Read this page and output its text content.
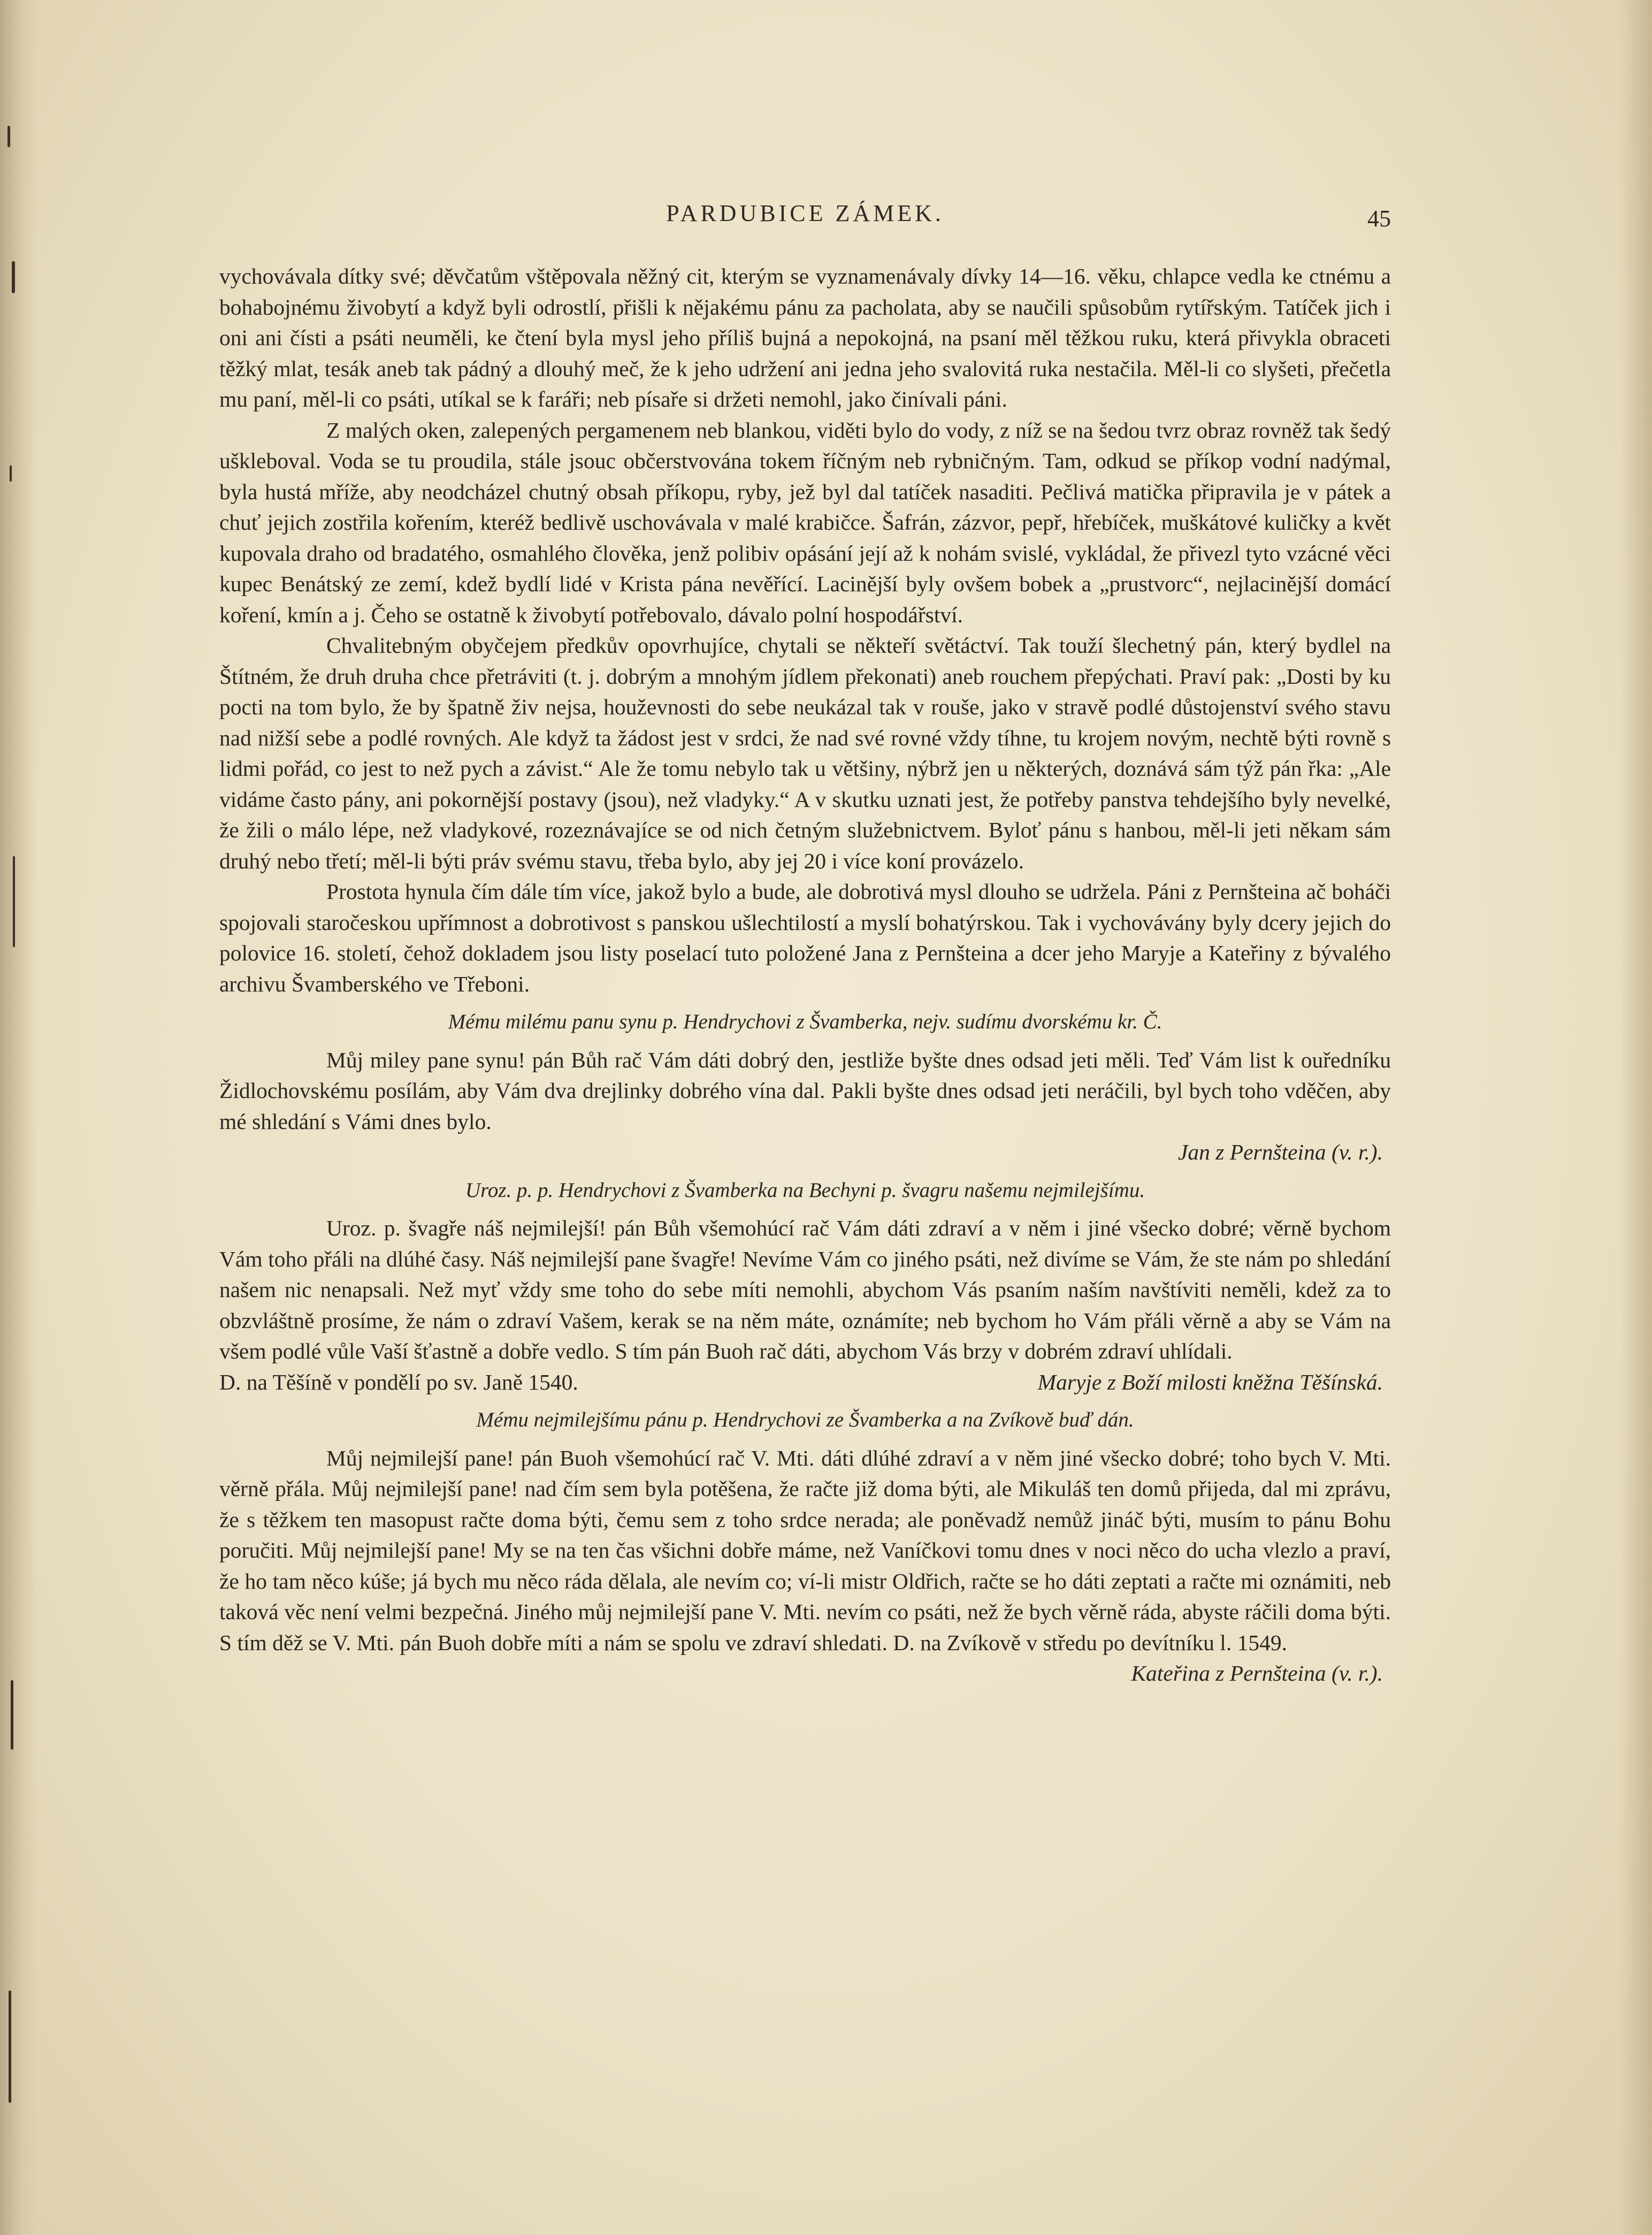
PARDUBICE ZÁMEK.	45

vychovávala dítky své; děvčatům vštěpovala něžný cit, kterým se vyznamenávaly dívky 14—16. věku, chlapce vedla ke ctnému a bohabojnému živobytí a když byli odrostlí, přišli k nějakému pánu za pacholata, aby se naučili spůsobům rytířským. Tatíček jich i oni ani čísti a psáti neuměli, ke čtení byla mysl jeho příliš bujná a nepokojná, na psaní měl těžkou ruku, která přivykla obraceti těžký mlat, tesák aneb tak pádný a dlouhý meč, že k jeho udržení ani jedna jeho svalovitá ruka nestačila. Měl-li co slyšeti, přečetla mu paní, měl-li co psáti, utíkal se k faráři; neb písaře si držeti nemohl, jako činívali páni.

Z malých oken, zalepených pergamenem neb blankou, viděti bylo do vody, z níž se na šedou tvrz obraz rovněž tak šedý ušklebоval. Voda se tu proudila, stále jsouc občerstvována tokem říčným neb rybničným. Tam, odkud se příkop vodní nadýmal, byla hustá mříže, aby neodcházel chutný obsah příkopu, ryby, jež byl dal tatíček nasaditi. Pečlivá matička připravila je v pátek a chuť jejich zostřila kořením, kteréž bedlivě uschovávala v malé krabičce. Šafrán, zázvor, pepř, hřebíček, muškátové kuličky a květ kupovala draho od bradatého, osmahlého člověka, jenž polibiv opásání její až k nohám svislé, vykládal, že přivezl tyto vzácné věci kupec Benátský ze zemí, kdež bydlí lidé v Krista pána nevěřící. Lacinější byly ovšem bobek a „prustvorc“, nejlacinější domácí koření, kmín a j. Čeho se ostatně k živobytí potřebovalo, dávalo polní hospodářství.

Chvalitebným obyčejem předkův opovrhujíce, chytali se někteří světáctví. Tak touží šlechetný pán, který bydlel na Štítném, že druh druha chce přetráviti (t. j. dobrým a mnohým jídlem překonati) aneb rouchem přepýchati. Praví pak: „Dosti by ku pocti na tom bylo, že by špatně živ nejsa, houževnosti do sebe neukázal tak v rouše, jako v stravě podlé důstojenství svého stavu nad nižší sebe a podlé rovných. Ale když ta žádost jest v srdci, že nad své rovné vždy tíhne, tu krojem novým, nechtě býti rovně s lidmi pořád, co jest to než pych a závist.“ Ale že tomu nebylo tak u většiny, nýbrž jen u některých, doznává sám týž pán řka: „Ale vidáme často pány, ani pokornější postavy (jsou), než vladyky.“ A v skutku uznati jest, že potřeby panstva tehdejšího byly nevelké, že žili o málo lépe, než vladykové, rozeznávajíce se od nich četným služebnictvem. Bylоť pánu s hanbou, měl-li jeti někam sám druhý nebo třetí; měl-li býti práv svému stavu, třeba bylo, aby jej 20 i více koní provázelo.

Prostota hynula čím dále tím více, jakož bylo a bude, ale dobrotivá mysl dlouho se udržela. Páni z Pernšteina ač boháči spojovali staročeskou upřímnost a dobrotivost s panskou ušlechtilostí a myslí bohatýrskou. Tak i vychovávány byly dcery jejich do polovice 16. století, čehož dokladem jsou listy poselací tuto položené Jana z Pernšteina a dcer jeho Maryje a Kateřiny z bývalého archivu Švamberského ve Třeboni.

Mému milému panu synu p. Hendrychovi z Švamberka, nejv. sudímu dvorskému kr. Č.

Můj miley pane synu! pán Bůh rač Vám dáti dobrý den, jestliže byšte dnes odsad jeti měli. Teď Vám list k ouředníku Židlochovskému posílám, aby Vám dva drejlinky dobrého vína dal. Pakli byšte dnes odsad jeti neráčili, byl bych toho vděčen, aby mé shledání s Vámi dnes bylo.

Jan z Pernšteina (v. r.).

Uroz. p. p. Hendrychovi z Švamberka na Bechyni p. švagru našemu nejmilejšímu.

Uroz. p. švagře náš nejmilejší! pán Bůh všemohúcí rač Vám dáti zdraví a v něm i jiné všecko dobré; věrně bychom Vám toho přáli na dlúhé časy. Náš nejmilejší pane švagře! Nevíme Vám co jiného psáti, než divíme se Vám, že ste nám po shledání našem nic nenapsali. Než myť vždy sme toho do sebe míti nemohli, abychom Vás psaním naším navštíviti neměli, kdež za to obzvláštně prosíme, že nám o zdraví Vašem, kerak se na něm máte, oznámíte; neb bychom ho Vám přáli věrně a aby se Vám na všem podlé vůle Vaší šťastně a dobře vedlo. S tím pán Buoh rač dáti, abychom Vás brzy v dobrém zdraví uhlídali.

D. na Těšíně v pondělí po sv. Janě 1540.	Maryje z Boží milosti kněžna Těšínská.
Mému nejmilejšímu pánu p. Hendrychovi ze Švamberka a na Zvíkově buď dán.

Můj nejmilejší pane! pán Buoh všemohúcí rač V. Mti. dáti dlúhé zdraví a v něm jiné všecko dobré; toho bych V. Mti. věrně přála. Můj nejmilejší pane! nad čím sem byla potěšena, že račte již doma býti, ale Mikuláš ten domů přijeda, dal mi zprávu, že s těžkem ten masopust račte doma býti, čemu sem z toho srdce nerada; ale poněvadž nemůž jináč býti, musím to pánu Bohu poručiti. Můj nejmilejší pane! My se na ten čas všichni dobře máme, než Vaníčkovi tomu dnes v noci něco do ucha vlezlo a praví, že ho tam něco kúše; já bych mu něco ráda dělala, ale nevím co; ví-li mistr Oldřich, račte se ho dáti zeptati a račte mi oznámiti, neb taková věc není velmi bezpečná. Jiného můj nejmilejší pane V. Mti. nevím co psáti, než že bych věrně ráda, abyste ráčili doma býti. S tím děž se V. Mti. pán Buoh dobře míti a nám se spolu ve zdraví shledati. D. na Zvíkově v středu po devítníku l. 1549.

Kateřina z Pernšteina (v. r.).
